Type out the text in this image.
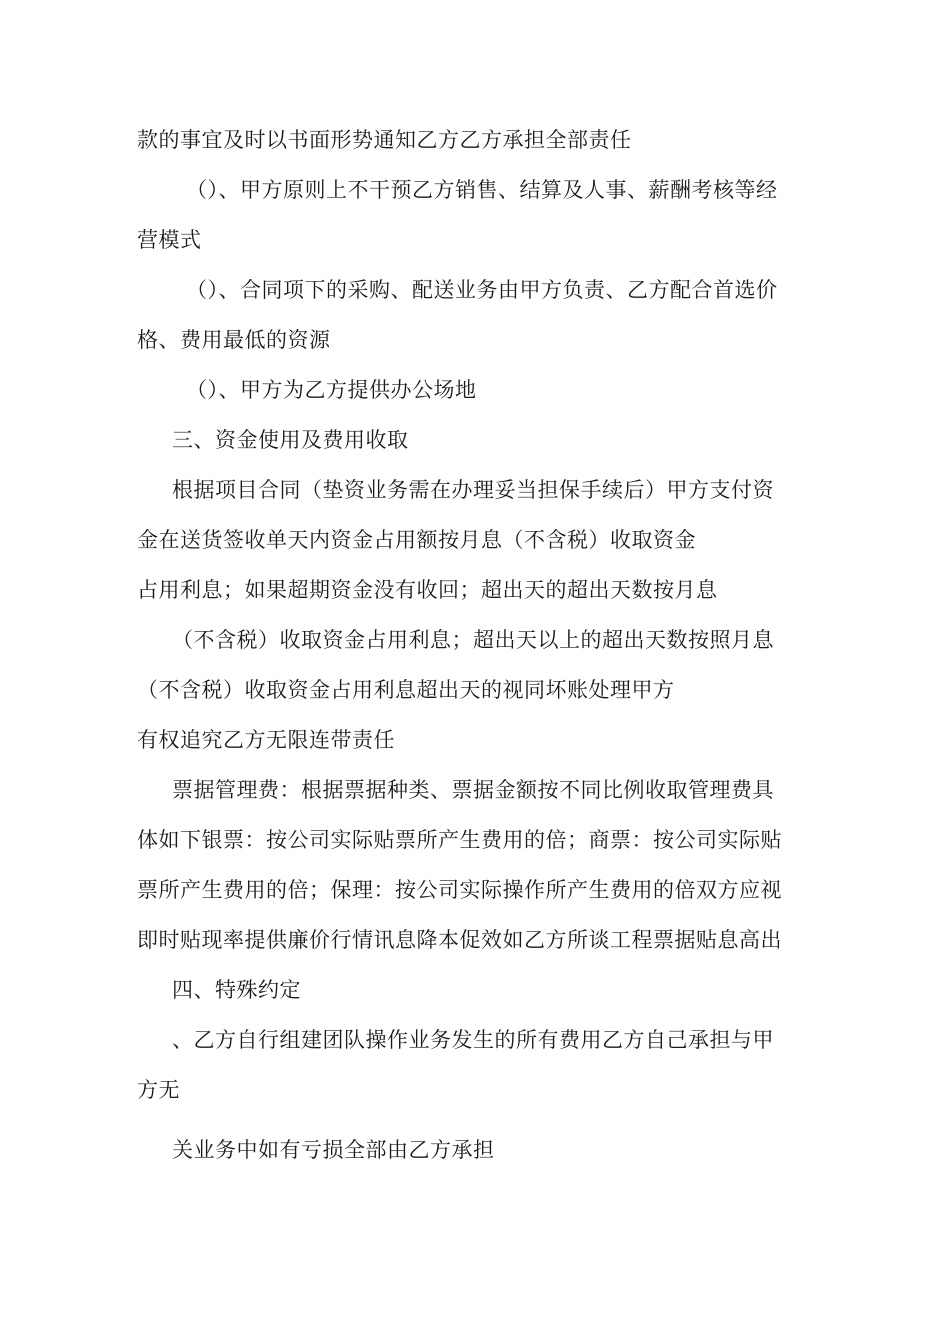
款的事宜及时以书面形势通知乙方乙方承担全部责任
（）、甲方原则上不干预乙方销售、结算及人事、薪酬考核等经
营模式
（）、合同项下的采购、配送业务由甲方负责、乙方配合首选价
格、费用最低的资源
（）、甲方为乙方提供办公场地
三、资金使用及费用收取
根据项目合同（垫资业务需在办理妥当担保手续后）甲方支付资
金在送货签收单天内资金占用额按月息（不含税）收取资金
占用利息；如果超期资金没有收回；超出天的超出天数按月息
（不含税）收取资金占用利息；超出天以上的超出天数按照月息
（不含税）收取资金占用利息超出天的视同坏账处理甲方
有权追究乙方无限连带责任
票据管理费：根据票据种类、票据金额按不同比例收取管理费具
体如下银票：按公司实际贴票所产生费用的倍；商票：按公司实际贴
票所产生费用的倍；保理：按公司实际操作所产生费用的倍双方应视
即时贴现率提供廉价行情讯息降本促效如乙方所谈工程票据贴息高出
四、特殊约定
、乙方自行组建团队操作业务发生的所有费用乙方自己承担与甲
方无
关业务中如有亏损全部由乙方承担
